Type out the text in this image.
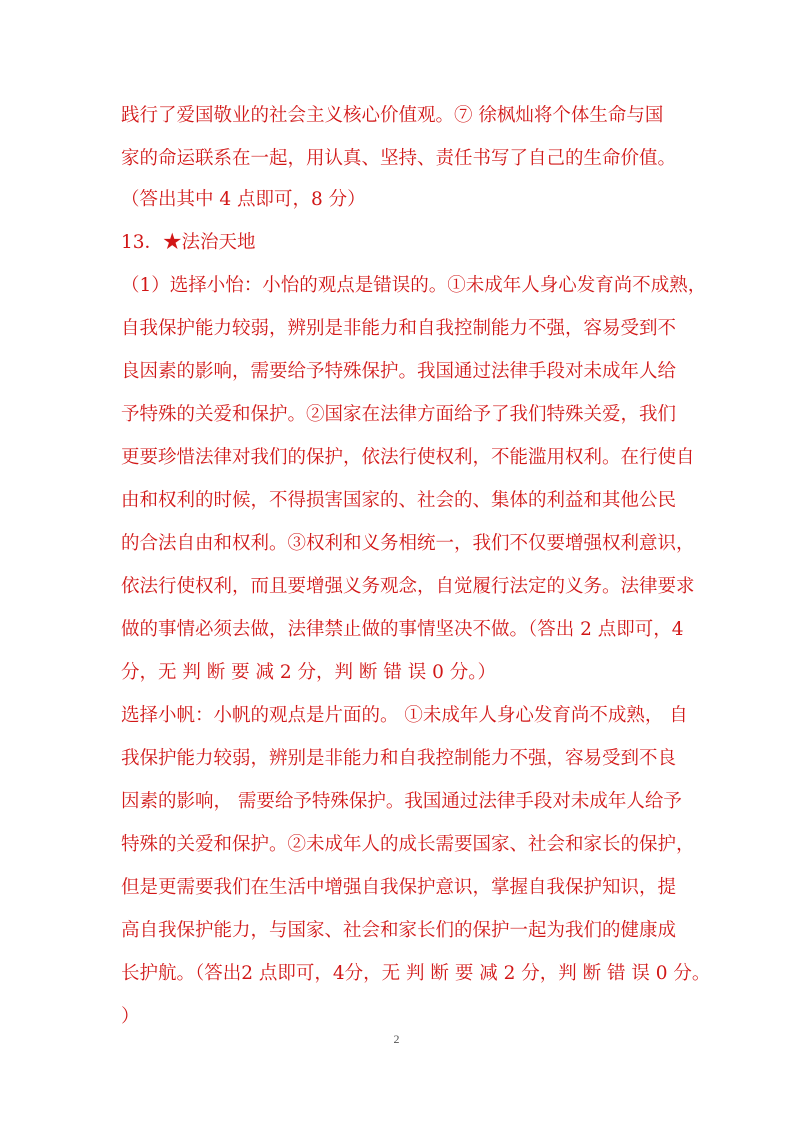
践行了爱国敬业的社会主义核心价值观。⑦ 徐枫灿将个体生命与国
家的命运联系在一起，用认真、坚持、责任书写了自己的生命价值。
（答出其中 4 点即可，8 分）
13．★法治天地
（1）选择小怡：小怡的观点是错误的。①未成年人身心发育尚不成熟，
自我保护能力较弱，辨别是非能力和自我控制能力不强，容易受到不
良因素的影响，需要给予特殊保护。我国通过法律手段对未成年人给
予特殊的关爱和保护。②国家在法律方面给予了我们特殊关爱，我们
更要珍惜法律对我们的保护，依法行使权利，不能滥用权利。在行使自
由和权利的时候，不得损害国家的、社会的、集体的利益和其他公民
的合法自由和权利。③权利和义务相统一，我们不仅要增强权利意识，
依法行使权利，而且要增强义务观念，自觉履行法定的义务。法律要求
做的事情必须去做，法律禁止做的事情坚决不做。（答出 2 点即可，4
分，无 判 断 要 减 2 分，判 断 错 误 0 分。）
选择小帆：小帆的观点是片面的。 ①未成年人身心发育尚不成熟， 自
我保护能力较弱，辨别是非能力和自我控制能力不强，容易受到不良
因素的影响， 需要给予特殊保护。我国通过法律手段对未成年人给予
特殊的关爱和保护。②未成年人的成长需要国家、社会和家长的保护，
但是更需要我们在生活中增强自我保护意识，掌握自我保护知识，提
高自我保护能力，与国家、社会和家长们的保护一起为我们的健康成
长护航。（答出2 点即可，4分，无 判 断 要 减 2 分，判 断 错 误 0 分。
）
2
